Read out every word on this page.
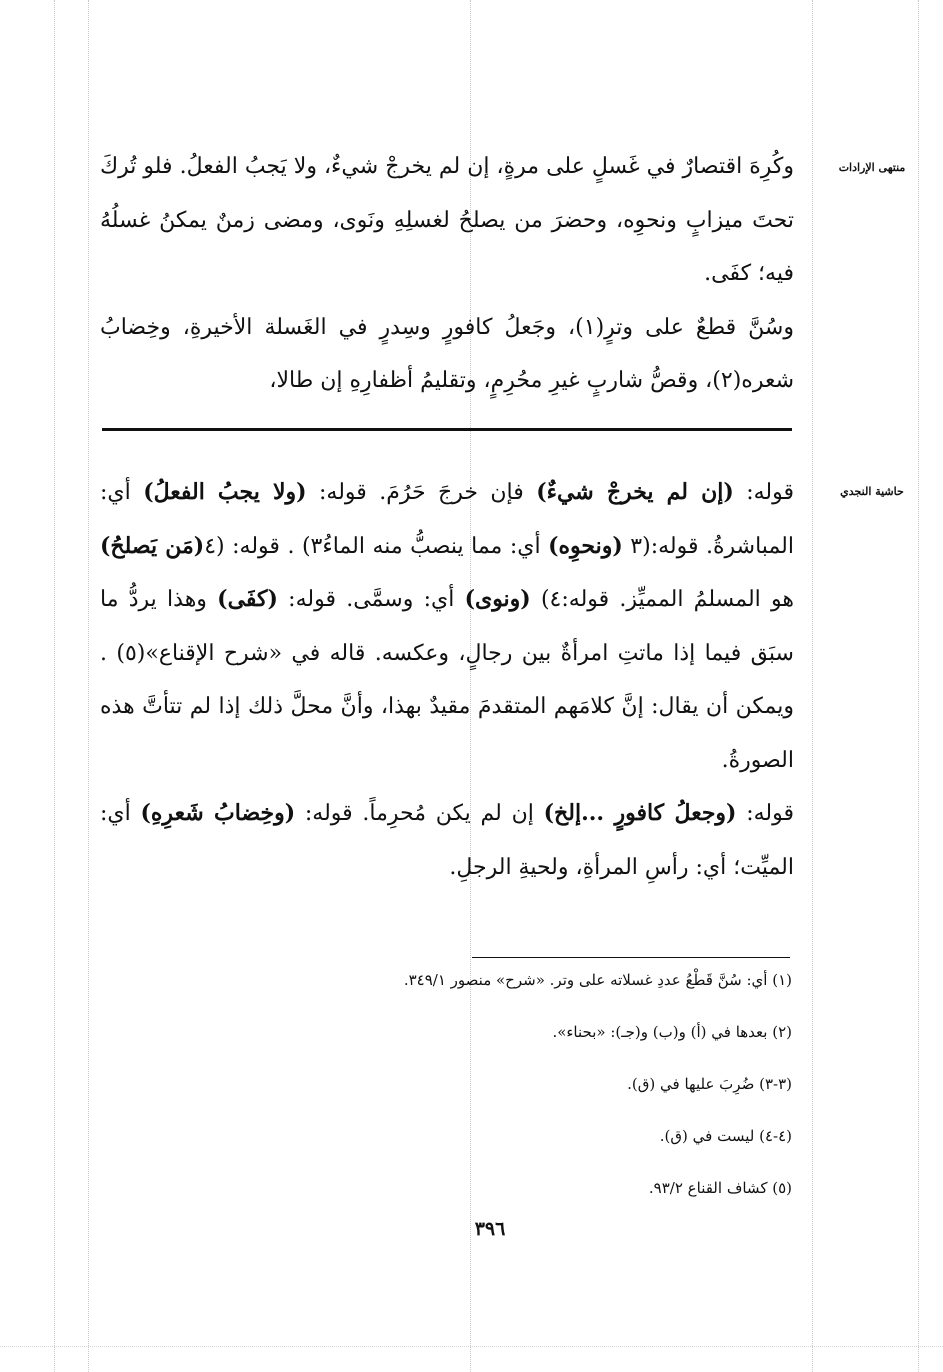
منتهى الإرادات
حاشية النجدي

وكُرِهَ اقتصارٌ في غَسلٍ على مرةٍ، إن لم يخرجْ شيءٌ، ولا يَجبُ الفعلُ. فلو تُركَ تحتَ ميزابٍ ونحوِه، وحضرَ من يصلحُ لغسلِهِ ونَوى، ومضى زمنٌ يمكنُ غسلُهُ فيه؛ كفَى.

وسُنَّ قطعٌ على وترٍ(١)، وجَعلُ كافورٍ وسِدرٍ في الغَسلة الأخيرةِ، وخِضابُ شعره(٢)، وقصُّ شاربٍ غيرِ محُرِمٍ، وتقليمُ أظفارِهِ إن طالا،

قوله: (إن لم يخرجْ شيءٌ) فإن خرجَ حَرُمَ. قوله: (ولا يجبُ الفعلُ) أي: المباشرةُ. قوله:(٣ (ونحوِه) أي: مما ينصبُّ منه الماءُ٣) . قوله: (٤(مَن يَصلحُ) هو المسلمُ المميِّز. قوله:٤) (ونوى) أي: وسمَّى. قوله: (كفَى) وهذا يردُّ ما سبَق فيما إذا ماتتِ امرأةٌ بين رجالٍ، وعكسه. قاله في «شرح الإقناع»(٥) . ويمكن أن يقال: إنَّ كلامَهم المتقدمَ مقيدٌ بهذا، وأنَّ محلَّ ذلك إذا لم تتأتَّ هذه الصورةُ.

قوله: (وجعلُ كافورٍ ...إلخ) إن لم يكن مُحرِماً. قوله: (وخِضابُ شَعرِهِ) أي: الميِّت؛ أي: رأسِ المرأةِ، ولحيةِ الرجلِ.

(١) أي: سُنَّ قَطْعُ عددِ غسلاته على وتر. «شرح» منصور ٣٤٩/١.
(٢) بعدها في (أ) و(ب) و(جـ): «بحناء».
(٣-٣) ضُرِبَ عليها في (ق).
(٤-٤) ليست في (ق).
(٥) كشاف القناع ٩٣/٢.
٣٩٦
